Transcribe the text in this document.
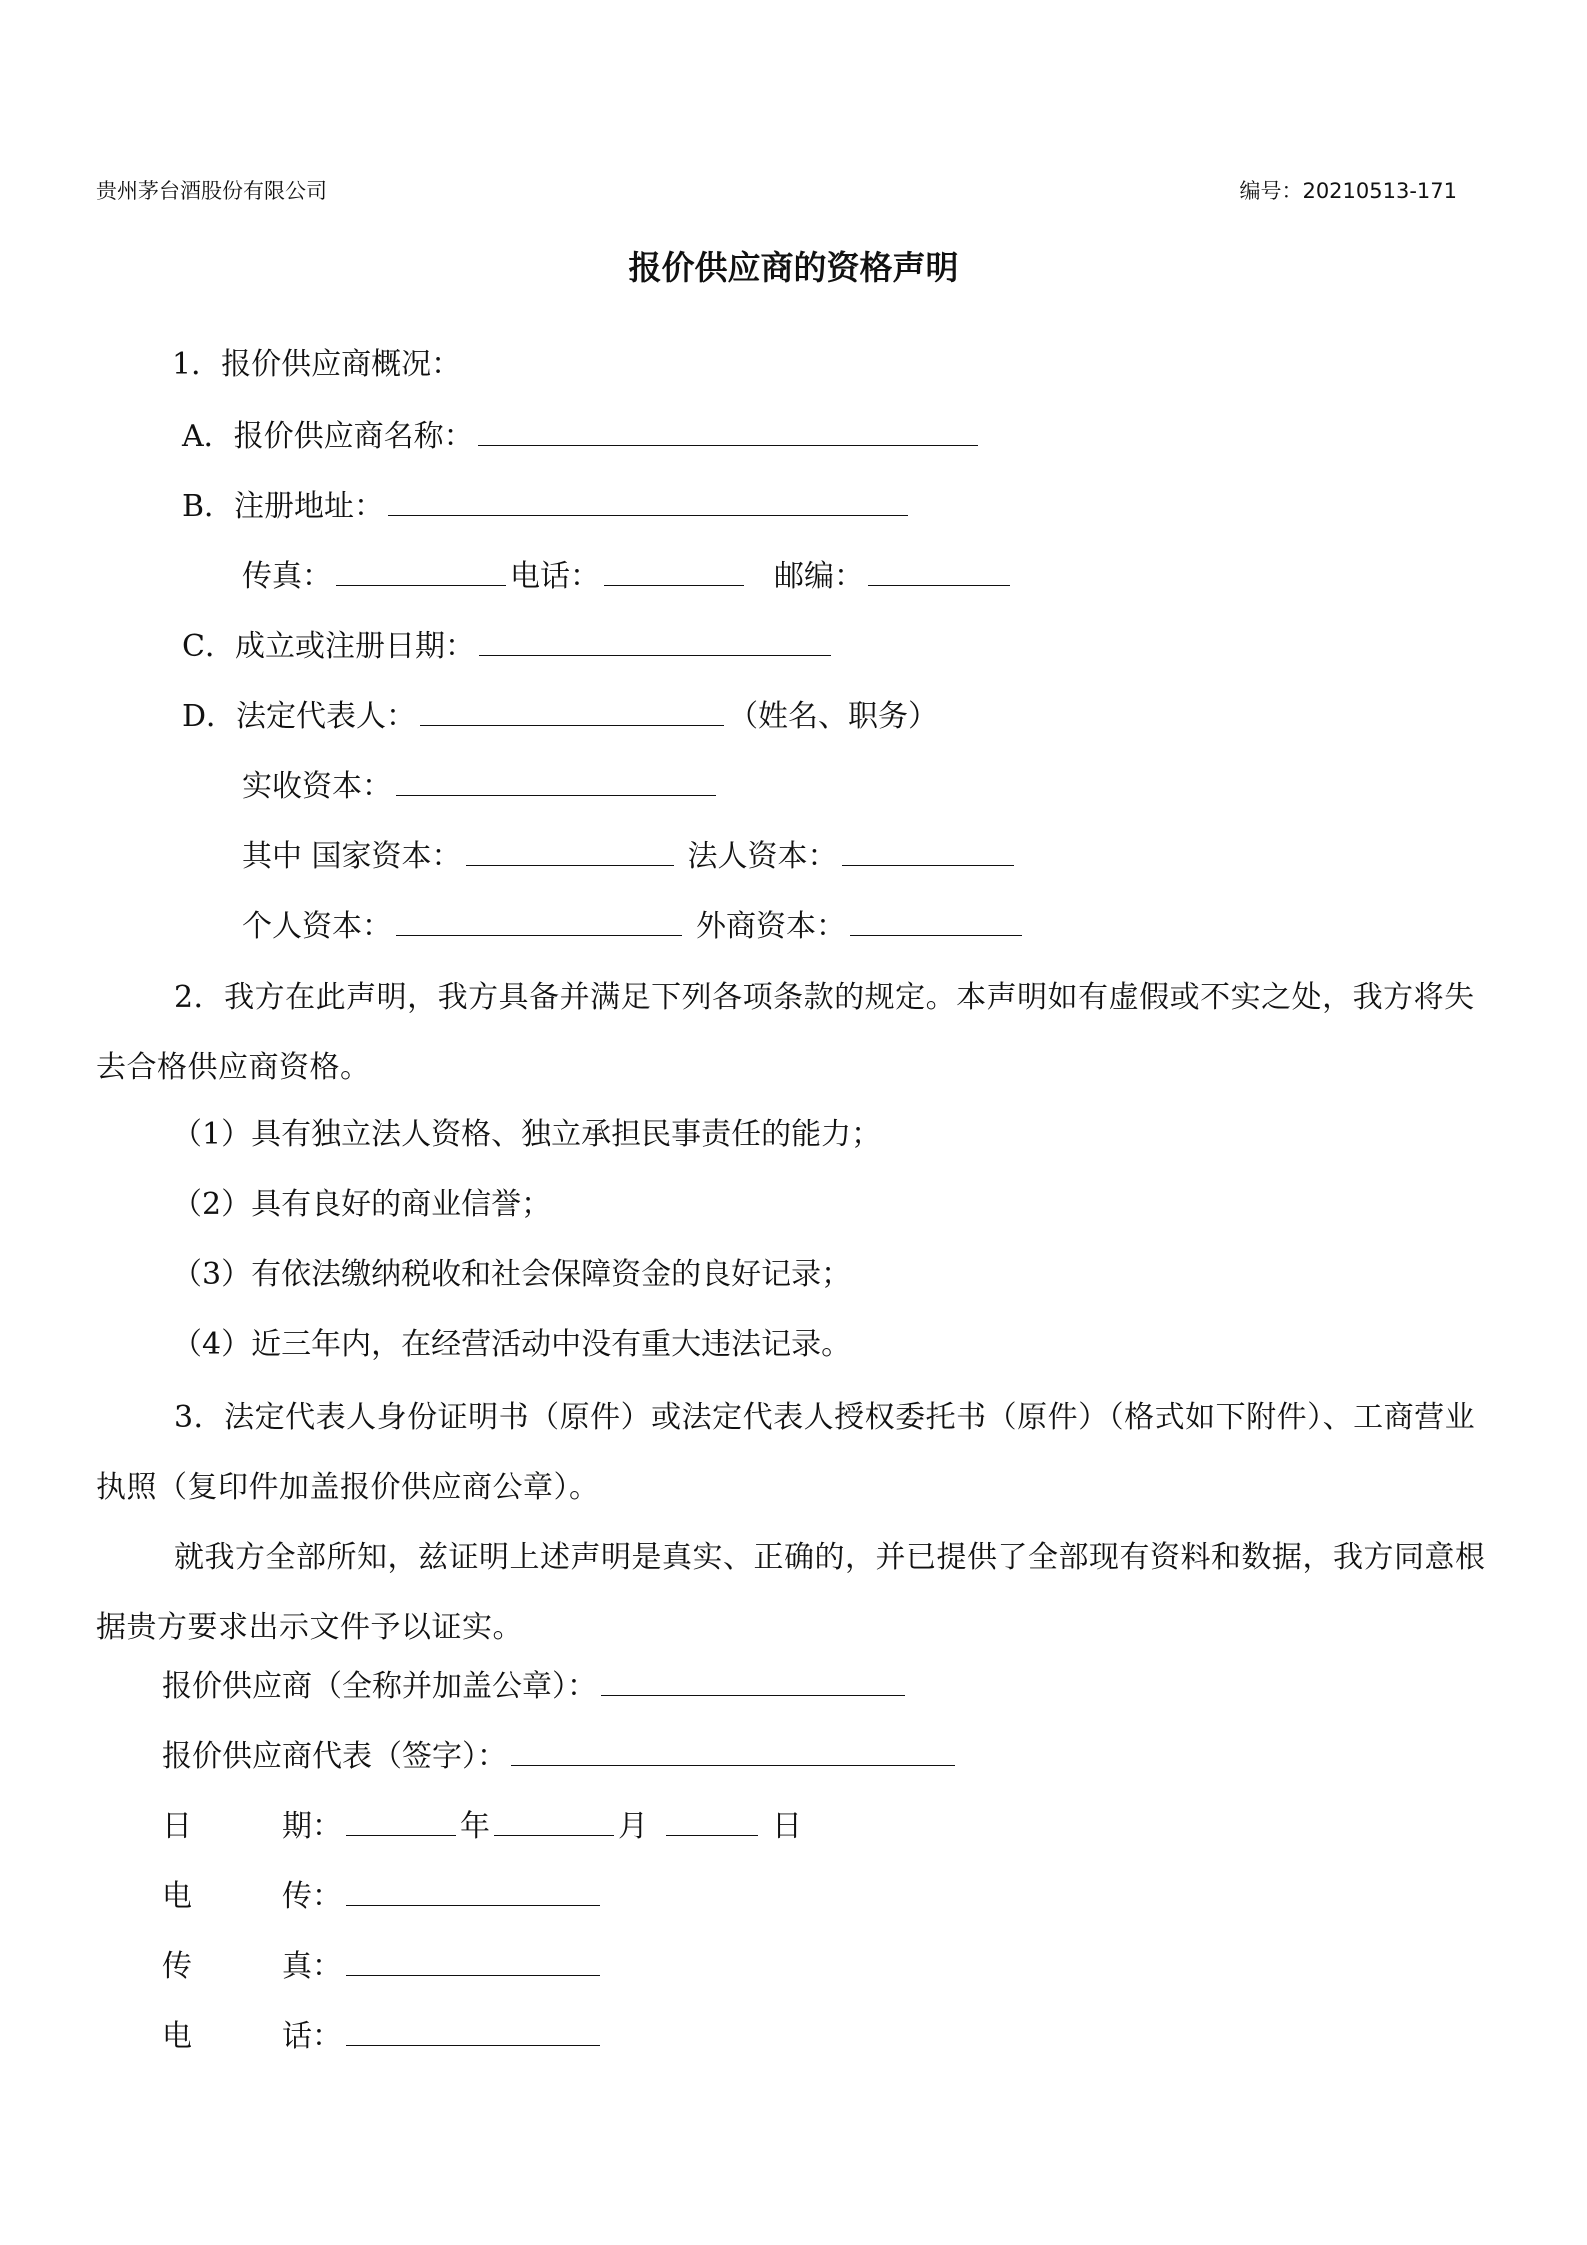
贵州茅台酒股份有限公司	编号：20210513-171
报价供应商的资格声明
1．报价供应商概况：
A．报价供应商名称：
B．注册地址：
传真：	电话：	邮编：
C．成立或注册日期：
D．法定代表人：	（姓名、职务）
实收资本：
其中 国家资本：	法人资本：
个人资本：	外商资本：
2．我方在此声明，我方具备并满足下列各项条款的规定。本声明如有虚假或不实之处，我方将失去合格供应商资格。
（1）具有独立法人资格、独立承担民事责任的能力；
（2）具有良好的商业信誉；
（3）有依法缴纳税收和社会保障资金的良好记录；
（4）近三年内，在经营活动中没有重大违法记录。
3．法定代表人身份证明书（原件）或法定代表人授权委托书（原件）（格式如下附件）、工商营业执照（复印件加盖报价供应商公章）。
就我方全部所知，兹证明上述声明是真实、正确的，并已提供了全部现有资料和数据，我方同意根据贵方要求出示文件予以证实。
报价供应商（全称并加盖公章）：
报价供应商代表（签字）：
日	期：	年	月	日
电	传：
传	真：
电	话：
